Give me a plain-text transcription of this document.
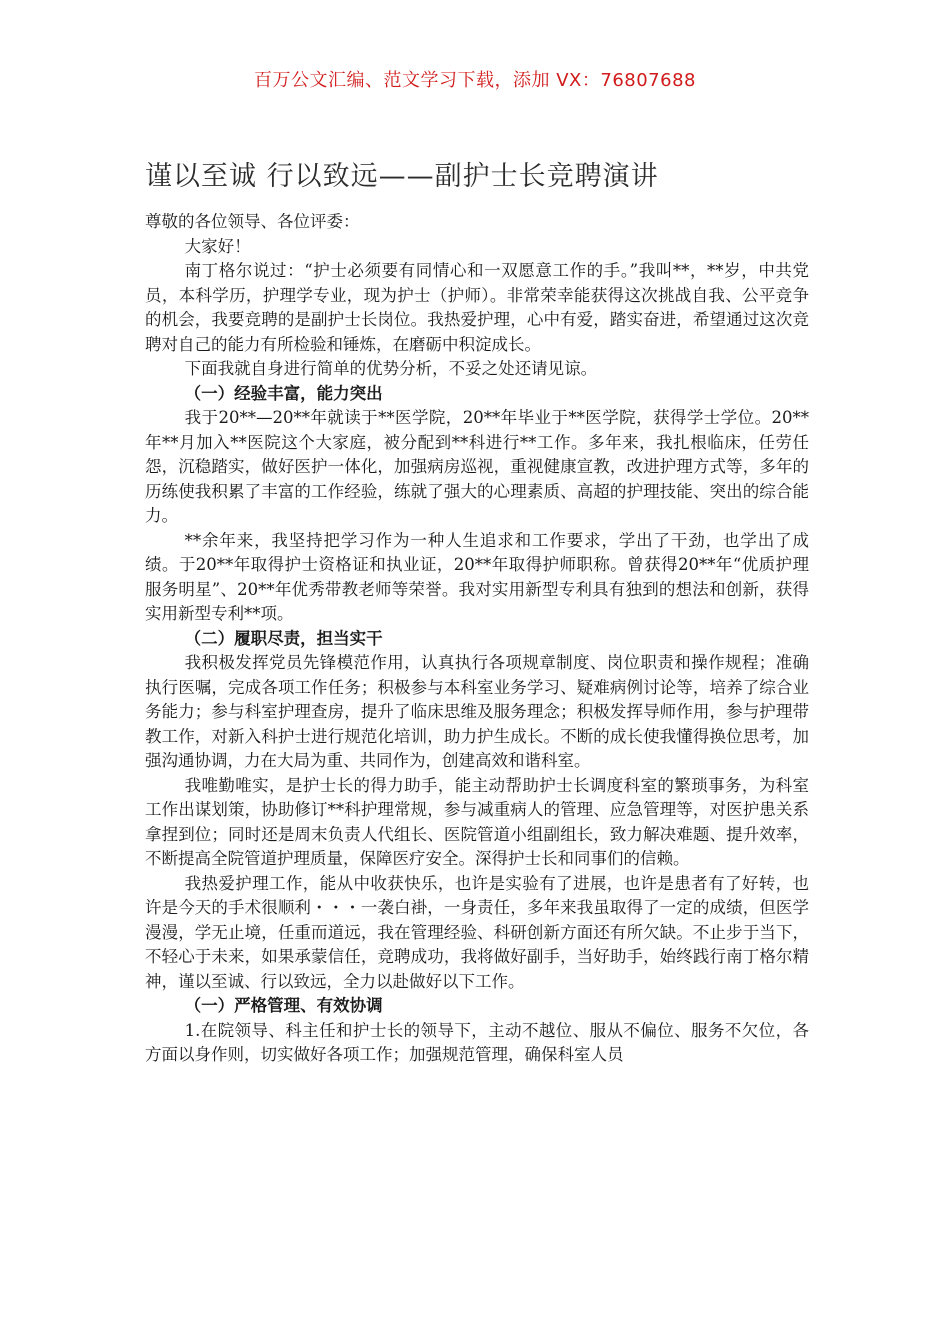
百万公文汇编、范文学习下载，添加 VX：76807688
谨以至诚 行以致远——副护士长竞聘演讲

尊敬的各位领导、各位评委：

大家好！

南丁格尔说过：“护士必须要有同情心和一双愿意工作的手。”我叫**，**岁，中共党员，本科学历，护理学专业，现为护士（护师）。非常荣幸能获得这次挑战自我、公平竞争的机会，我要竞聘的是副护士长岗位。我热爱护理，心中有爱，踏实奋进，希望通过这次竞聘对自己的能力有所检验和锤炼，在磨砺中积淀成长。

下面我就自身进行简单的优势分析，不妥之处还请见谅。

（一）经验丰富，能力突出

我于20**—20**年就读于**医学院，20**年毕业于**医学院，获得学士学位。20**年**月加入**医院这个大家庭，被分配到**科进行**工作。多年来，我扎根临床，任劳任怨，沉稳踏实，做好医护一体化，加强病房巡视，重视健康宣教，改进护理方式等，多年的历练使我积累了丰富的工作经验，练就了强大的心理素质、高超的护理技能、突出的综合能力。

**余年来，我坚持把学习作为一种人生追求和工作要求，学出了干劲，也学出了成绩。于20**年取得护士资格证和执业证，20**年取得护师职称。曾获得20**年“优质护理服务明星”、20**年优秀带教老师等荣誉。我对实用新型专利具有独到的想法和创新，获得实用新型专利**项。

（二）履职尽责，担当实干

我积极发挥党员先锋模范作用，认真执行各项规章制度、岗位职责和操作规程；准确执行医嘱，完成各项工作任务；积极参与本科室业务学习、疑难病例讨论等，培养了综合业务能力；参与科室护理查房，提升了临床思维及服务理念；积极发挥导师作用，参与护理带教工作，对新入科护士进行规范化培训，助力护生成长。不断的成长使我懂得换位思考，加强沟通协调，力在大局为重、共同作为，创建高效和谐科室。

我唯勤唯实，是护士长的得力助手，能主动帮助护士长调度科室的繁琐事务，为科室工作出谋划策，协助修订**科护理常规，参与减重病人的管理、应急管理等，对医护患关系拿捏到位；同时还是周末负责人代组长、医院管道小组副组长，致力解决难题、提升效率，不断提高全院管道护理质量，保障医疗安全。深得护士长和同事们的信赖。

我热爱护理工作，能从中收获快乐，也许是实验有了进展，也许是患者有了好转，也许是今天的手术很顺利・・・一袭白褂，一身责任，多年来我虽取得了一定的成绩，但医学漫漫，学无止境，任重而道远，我在管理经验、科研创新方面还有所欠缺。不止步于当下，不轻心于未来，如果承蒙信任，竞聘成功，我将做好副手，当好助手，始终践行南丁格尔精神，谨以至诚、行以致远，全力以赴做好以下工作。

（一）严格管理、有效协调

1.在院领导、科主任和护士长的领导下，主动不越位、服从不偏位、服务不欠位，各方面以身作则，切实做好各项工作；加强规范管理，确保科室人员
